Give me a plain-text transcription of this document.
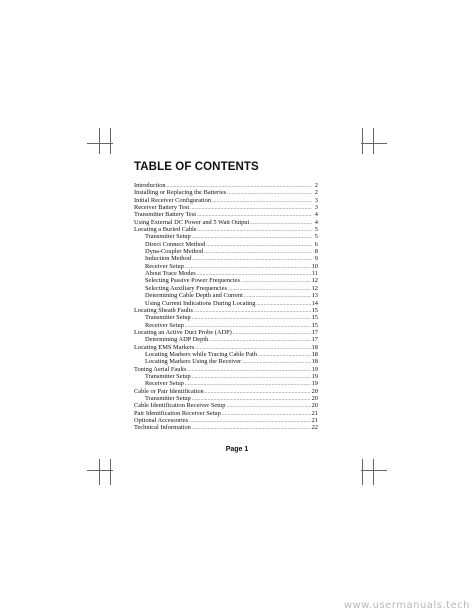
TABLE OF CONTENTS
Introduction .....	2
Installing or Replacing the Batteries .....	2
Initial Receiver Configuration .....	3
Receiver Battery Test .....	3
Transmitter Battery Test .....	4
Using External DC Power and 5 Watt Output .....	4
Locating a Buried Cable .....	5
Transmitter Setup .....	5
Direct Connect Method .....	6
Dyna-Coupler Method .....	8
Induction Method .....	9
Receiver Setup .....	10
About Trace Modes .....	11
Selecting Passive Power Frequencies .....	12
Selecting Auxiliary Frequencies .....	12
Determining Cable Depth and Current .....	13
Using Current Indications During Locating .....	14
Locating Sheath Faults .....	15
Transmitter Setup .....	15
Receiver Setup .....	15
Locating an Active Duct Probe (ADP) .....	17
Determining ADP Depth .....	17
Locating EMS Markers .....	18
Locating Markers while Tracing Cable Path .....	18
Locating Markers Using the Receiver .....	18
Toning Aerial Faults .....	19
Transmitter Setup .....	19
Receiver Setup .....	19
Cable or Pair Identification .....	20
Transmitter Setup .....	20
Cable Identification Receiver Setup .....	20
Pair Identification Receiver Setup .....	21
Optional Accessories .....	21
Technical Information .....	22
Page 1
www.usermanuals.tech
